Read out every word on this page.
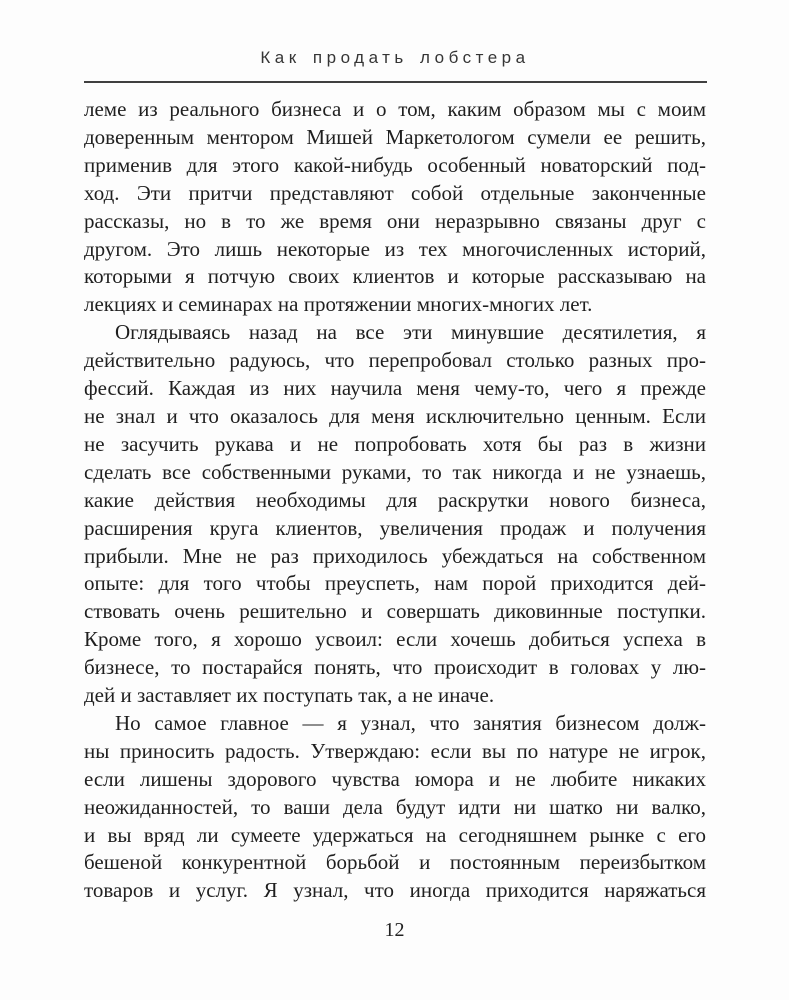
Как продать лобстера
леме из реального бизнеса и о том, каким образом мы с моим
доверенным ментором Мишей Маркетологом сумели ее решить,
применив для этого какой-нибудь особенный новаторский под-
ход. Эти притчи представляют собой отдельные законченные
рассказы, но в то же время они неразрывно связаны друг с
другом. Это лишь некоторые из тех многочисленных историй,
которыми я потчую своих клиентов и которые рассказываю на
лекциях и семинарах на протяжении многих-многих лет.
Оглядываясь назад на все эти минувшие десятилетия, я
действительно радуюсь, что перепробовал столько разных про-
фессий. Каждая из них научила меня чему-то, чего я прежде
не знал и что оказалось для меня исключительно ценным. Если
не засучить рукава и не попробовать хотя бы раз в жизни
сделать все собственными руками, то так никогда и не узнаешь,
какие действия необходимы для раскрутки нового бизнеса,
расширения круга клиентов, увеличения продаж и получения
прибыли. Мне не раз приходилось убеждаться на собственном
опыте: для того чтобы преуспеть, нам порой приходится дей-
ствовать очень решительно и совершать диковинные поступки.
Кроме того, я хорошо усвоил: если хочешь добиться успеха в
бизнесе, то постарайся понять, что происходит в головах у лю-
дей и заставляет их поступать так, а не иначе.
Но самое главное — я узнал, что занятия бизнесом долж-
ны приносить радость. Утверждаю: если вы по натуре не игрок,
если лишены здорового чувства юмора и не любите никаких
неожиданностей, то ваши дела будут идти ни шатко ни валко,
и вы вряд ли сумеете удержаться на сегодняшнем рынке с его
бешеной конкурентной борьбой и постоянным переизбытком
товаров и услуг. Я узнал, что иногда приходится наряжаться
12
